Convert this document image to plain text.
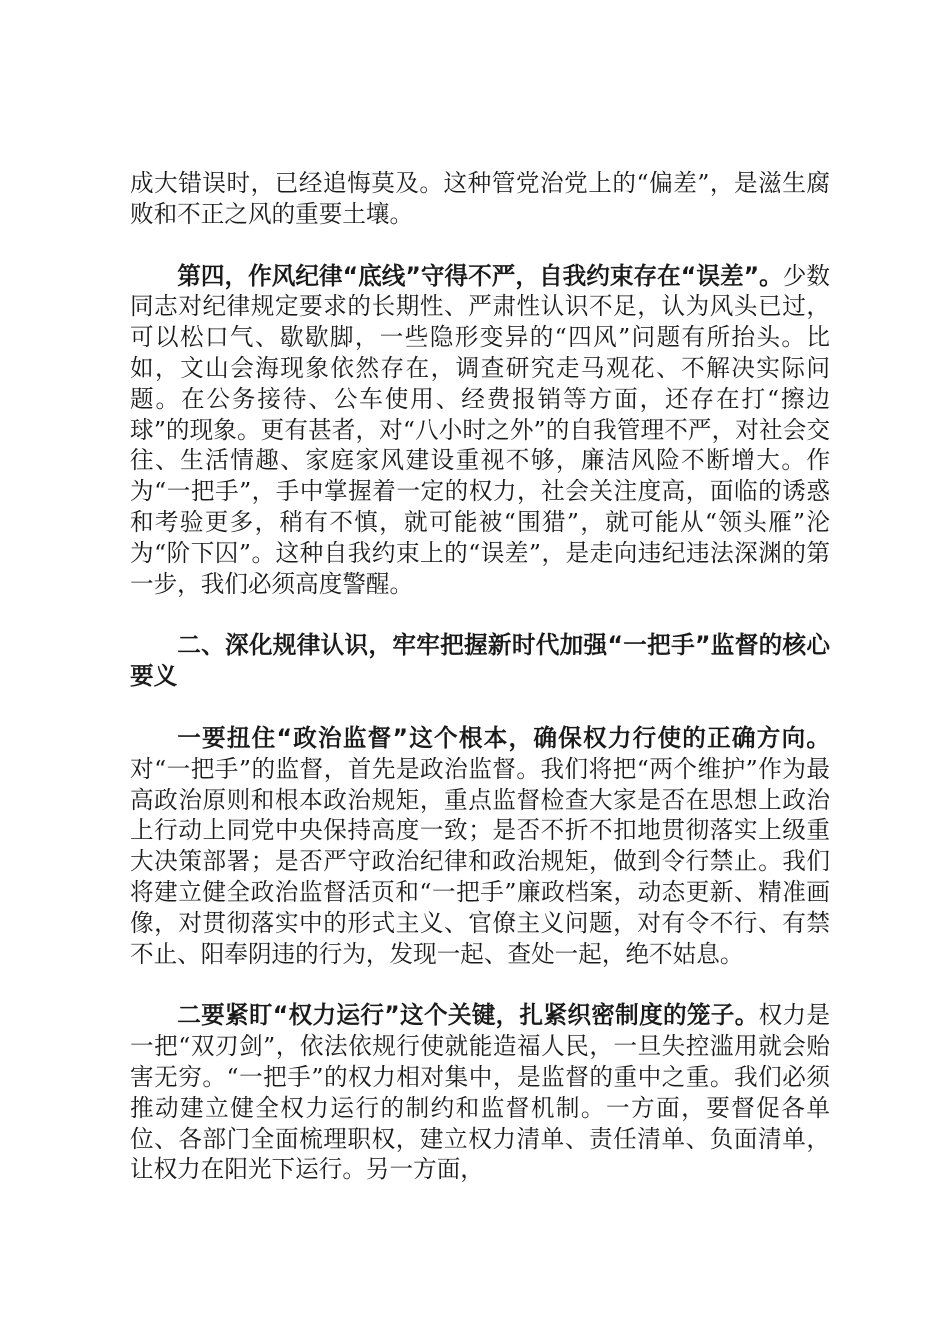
成大错误时，已经追悔莫及。这种管党治党上的“偏差”，是滋生腐败和不正之风的重要土壤。

第四，作风纪律“底线”守得不严，自我约束存在“误差”。少数同志对纪律规定要求的长期性、严肃性认识不足，认为风头已过，可以松口气、歇歇脚，一些隐形变异的“四风”问题有所抬头。比如，文山会海现象依然存在，调查研究走马观花、不解决实际问题。在公务接待、公车使用、经费报销等方面，还存在打“擦边球”的现象。更有甚者，对“八小时之外”的自我管理不严，对社会交往、生活情趣、家庭家风建设重视不够，廉洁风险不断增大。作为“一把手”，手中掌握着一定的权力，社会关注度高，面临的诱惑和考验更多，稍有不慎，就可能被“围猎”，就可能从“领头雁”沦为“阶下囚”。这种自我约束上的“误差”，是走向违纪违法深渊的第一步，我们必须高度警醒。

二、深化规律认识，牢牢把握新时代加强“一把手”监督的核心要义

一要扭住“政治监督”这个根本，确保权力行使的正确方向。对“一把手”的监督，首先是政治监督。我们将把“两个维护”作为最高政治原则和根本政治规矩，重点监督检查大家是否在思想上政治上行动上同党中央保持高度一致；是否不折不扣地贯彻落实上级重大决策部署；是否严守政治纪律和政治规矩，做到令行禁止。我们将建立健全政治监督活页和“一把手”廉政档案，动态更新、精准画像，对贯彻落实中的形式主义、官僚主义问题，对有令不行、有禁不止、阳奉阴违的行为，发现一起、查处一起，绝不姑息。

二要紧盯“权力运行”这个关键，扎紧织密制度的笼子。权力是一把“双刃剑”，依法依规行使就能造福人民，一旦失控滥用就会贻害无穷。“一把手”的权力相对集中，是监督的重中之重。我们必须推动建立健全权力运行的制约和监督机制。一方面，要督促各单位、各部门全面梳理职权，建立权力清单、责任清单、负面清单，让权力在阳光下运行。另一方面，
